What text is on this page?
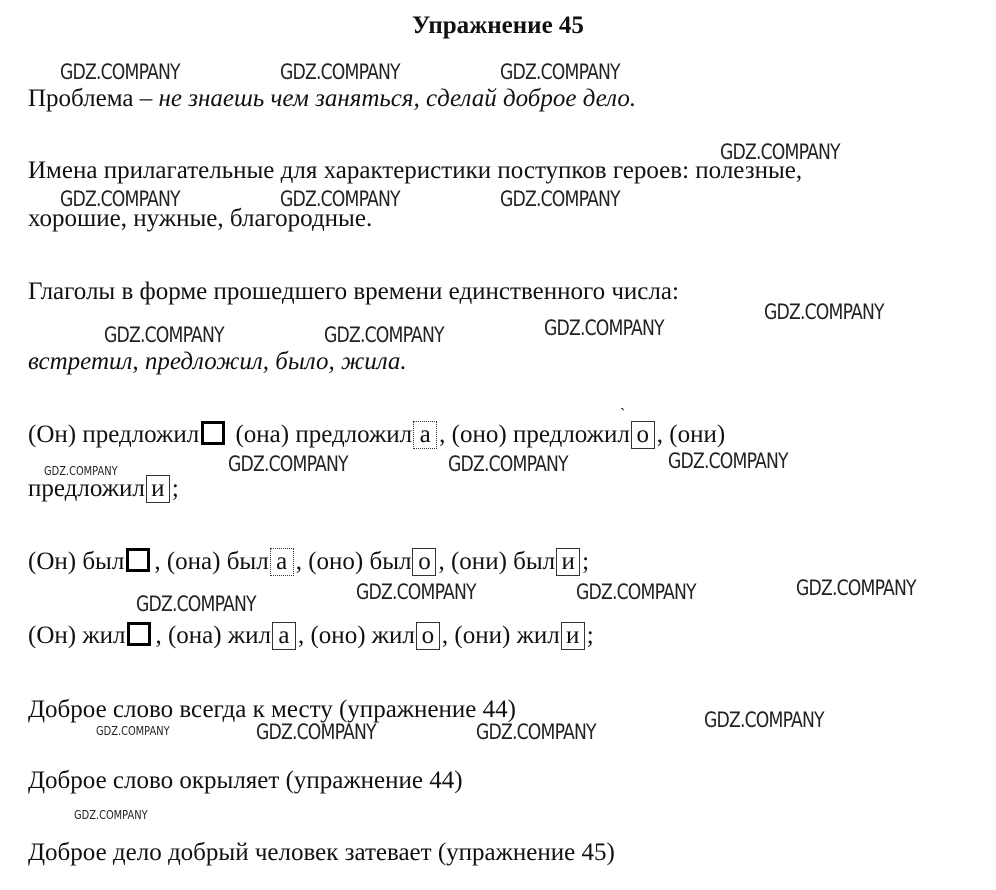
Упражнение 45
GDZ.COMPANY	GDZ.COMPANY	GDZ.COMPANY
GDZ.COMPANY
GDZ.COMPANY	GDZ.COMPANY	GDZ.COMPANY
GDZ.COMPANY
GDZ.COMPANY
GDZ.COMPANY	GDZ.COMPANY
GDZ.COMPANY
GDZ.COMPANY	GDZ.COMPANY
GDZ.COMPANY
GDZ.COMPANY
GDZ.COMPANY	GDZ.COMPANY
GDZ.COMPANY
GDZ.COMPANY
GDZ.COMPANY	GDZ.COMPANY	GDZ.COMPANY
GDZ.COMPANY
Проблема – не знаешь чем заняться, сделай доброе дело.
Имена прилагательные для характеристики поступков героев: полезные,
хорошие, нужные, благородные.
Глаголы в форме прошедшего времени единственного числа:
встретил, предложил, было, жила.
(Он) предложил (она) предложил а , (оно) предложил о , (они)
`
предложил и ;
(Он) был , (она) был а , (оно) был о , (они) был и ;
(Он) жил , (она) жил а , (оно) жил о , (они) жил и ;
Доброе слово всегда к месту (упражнение 44)
Доброе слово окрыляет (упражнение 44)
Доброе дело добрый человек затевает (упражнение 45)
